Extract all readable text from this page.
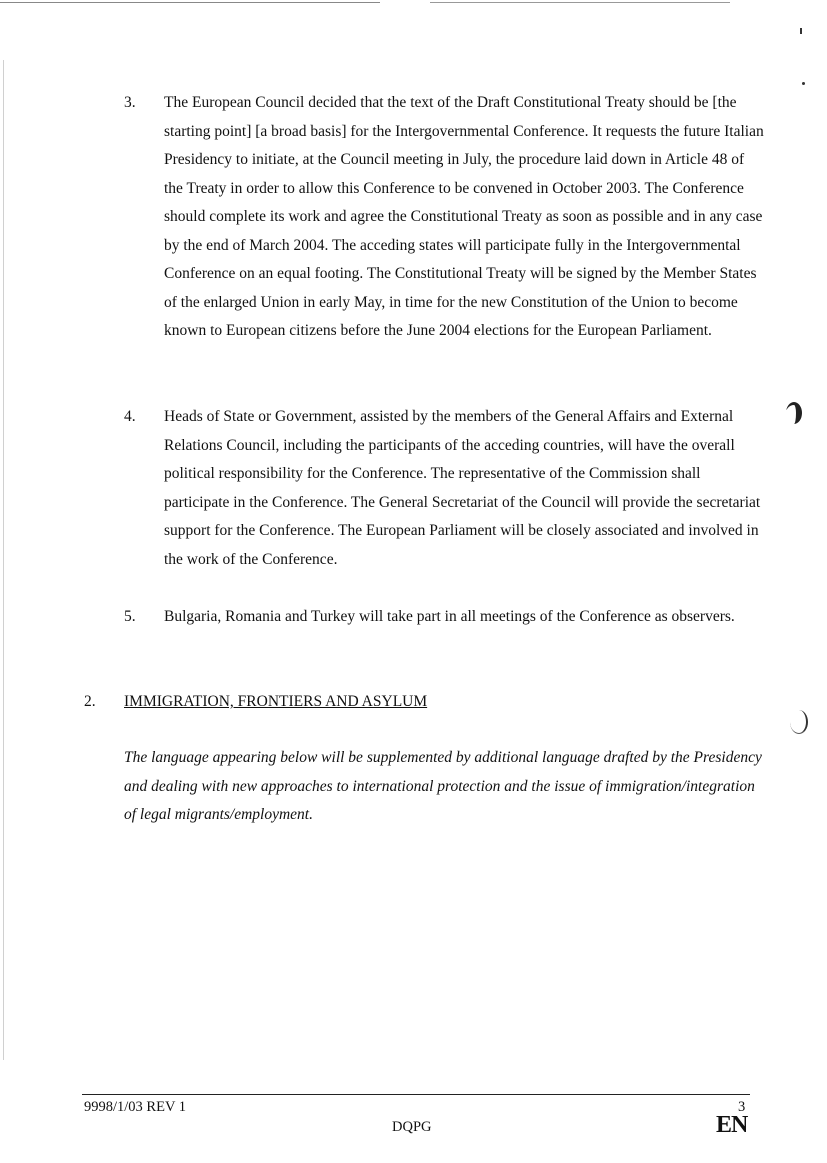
3. The European Council decided that the text of the Draft Constitutional Treaty should be [the starting point] [a broad basis] for the Intergovernmental Conference. It requests the future Italian Presidency to initiate, at the Council meeting in July, the procedure laid down in Article 48 of the Treaty in order to allow this Conference to be convened in October 2003. The Conference should complete its work and agree the Constitutional Treaty as soon as possible and in any case by the end of March 2004. The acceding states will participate fully in the Intergovernmental Conference on an equal footing. The Constitutional Treaty will be signed by the Member States of the enlarged Union in early May, in time for the new Constitution of the Union to become known to European citizens before the June 2004 elections for the European Parliament.
4. Heads of State or Government, assisted by the members of the General Affairs and External Relations Council, including the participants of the acceding countries, will have the overall political responsibility for the Conference. The representative of the Commission shall participate in the Conference. The General Secretariat of the Council will provide the secretariat support for the Conference. The European Parliament will be closely associated and involved in the work of the Conference.
5. Bulgaria, Romania and Turkey will take part in all meetings of the Conference as observers.
2. IMMIGRATION, FRONTIERS AND ASYLUM
The language appearing below will be supplemented by additional language drafted by the Presidency and dealing with new approaches to international protection and the issue of immigration/integration of legal migrants/employment.
9998/1/03 REV 1
DQPG
3
EN
